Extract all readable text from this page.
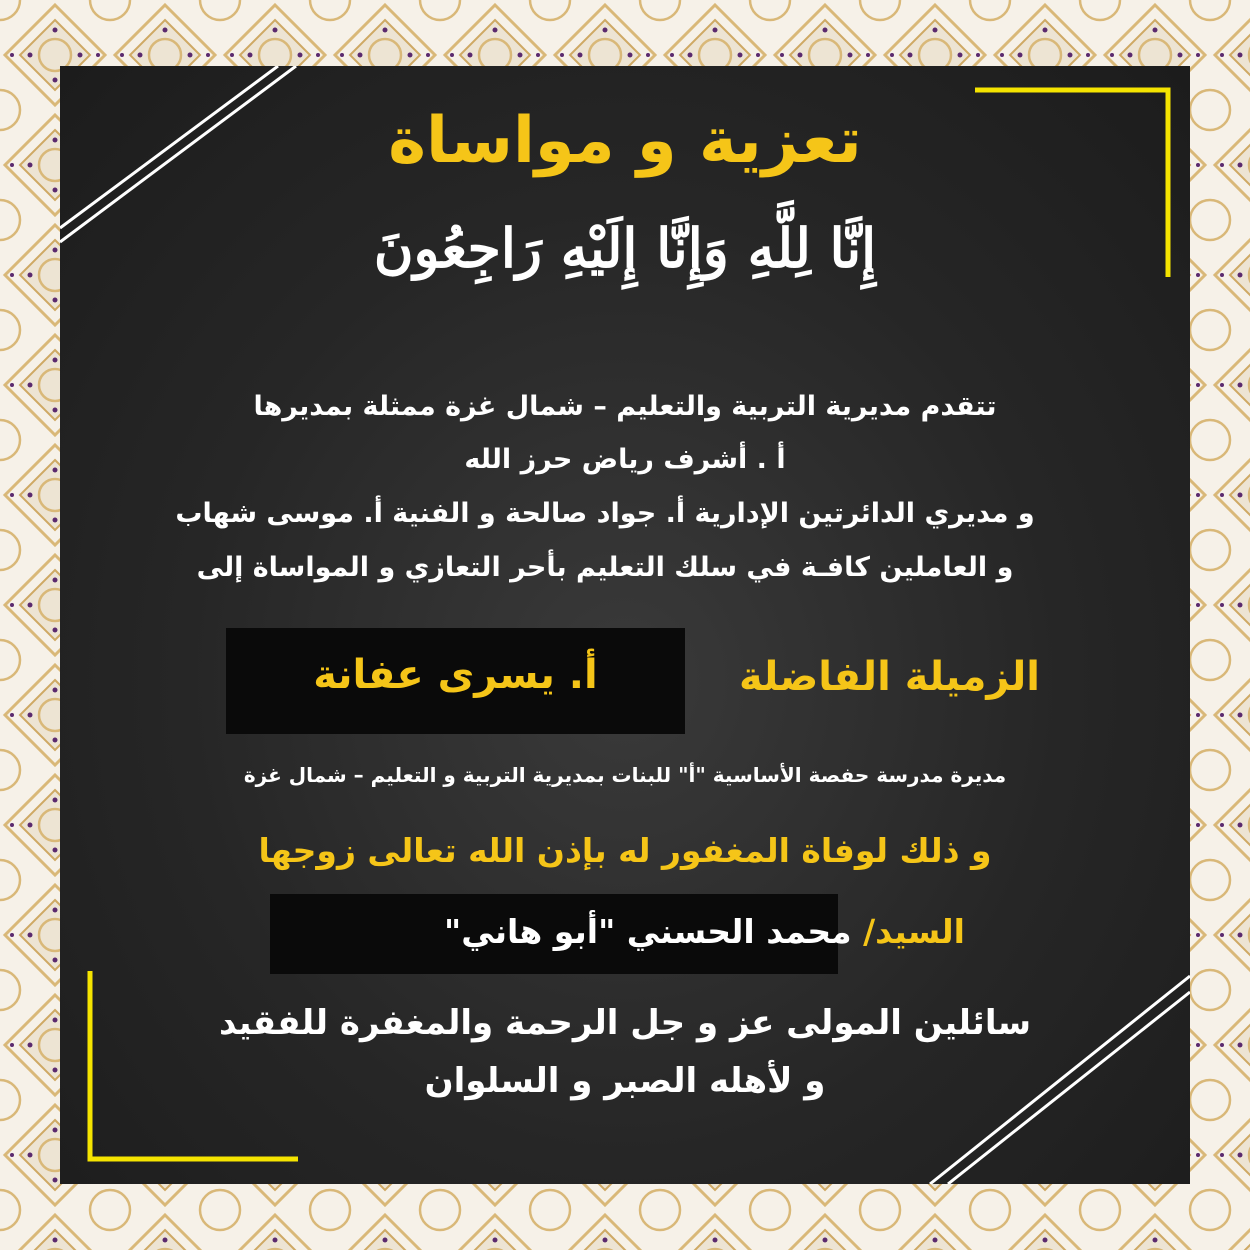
تعزية و مواساة
إِنَّا لِلَّهِ وَإِنَّا إِلَيْهِ رَاجِعُونَ
تتقدم مديرية التربية والتعليم – شمال غزة ممثلة بمديرها
أ . أشرف رياض حرز الله
و مديري الدائرتين الإدارية أ. جواد صالحة و الفنية أ. موسى شهاب
و العاملين كافـة في سلك التعليم بأحر التعازي و المواساة إلى
الزميلة الفاضلة
أ. يسرى عفانة
مديرة مدرسة حفصة الأساسية "أ" للبنات بمديرية التربية و التعليم – شمال غزة
و ذلك لوفاة المغفور له بإذن الله تعالى زوجها
السيد/ محمد الحسني "أبو هاني"
سائلين المولى عز و جل الرحمة والمغفرة للفقيد
و لأهله الصبر و السلوان
